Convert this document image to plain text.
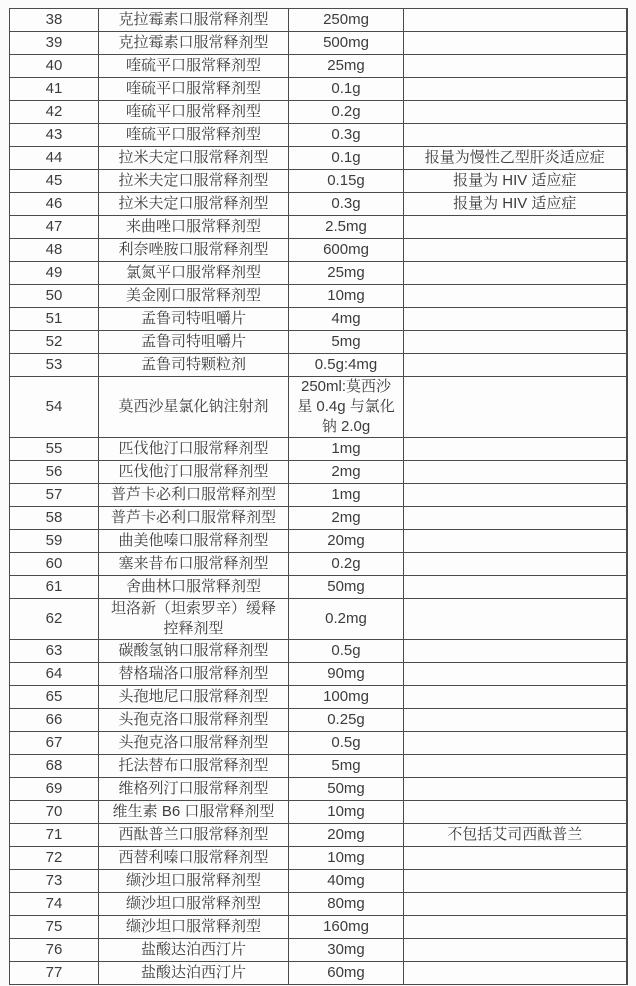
38	克拉霉素口服常释剂型	250mg	
39	克拉霉素口服常释剂型	500mg	
40	喹硫平口服常释剂型	25mg	
41	喹硫平口服常释剂型	0.1g	
42	喹硫平口服常释剂型	0.2g	
43	喹硫平口服常释剂型	0.3g	
44	拉米夫定口服常释剂型	0.1g	报量为慢性乙型肝炎适应症
45	拉米夫定口服常释剂型	0.15g	报量为 HIV 适应症
46	拉米夫定口服常释剂型	0.3g	报量为 HIV 适应症
47	来曲唑口服常释剂型	2.5mg	
48	利奈唑胺口服常释剂型	600mg	
49	氯氮平口服常释剂型	25mg	
50	美金刚口服常释剂型	10mg	
51	孟鲁司特咀嚼片	4mg	
52	孟鲁司特咀嚼片	5mg	
53	孟鲁司特颗粒剂	0.5g:4mg	
54	莫西沙星氯化钠注射剂	250ml:莫西沙星 0.4g 与氯化钠 2.0g	
55	匹伐他汀口服常释剂型	1mg	
56	匹伐他汀口服常释剂型	2mg	
57	普芦卡必利口服常释剂型	1mg	
58	普芦卡必利口服常释剂型	2mg	
59	曲美他嗪口服常释剂型	20mg	
60	塞来昔布口服常释剂型	0.2g	
61	舍曲林口服常释剂型	50mg	
62	坦洛新（坦索罗辛）缓释控释剂型	0.2mg	
63	碳酸氢钠口服常释剂型	0.5g	
64	替格瑞洛口服常释剂型	90mg	
65	头孢地尼口服常释剂型	100mg	
66	头孢克洛口服常释剂型	0.25g	
67	头孢克洛口服常释剂型	0.5g	
68	托法替布口服常释剂型	5mg	
69	维格列汀口服常释剂型	50mg	
70	维生素 B6 口服常释剂型	10mg	
71	西酞普兰口服常释剂型	20mg	不包括艾司西酞普兰
72	西替利嗪口服常释剂型	10mg	
73	缬沙坦口服常释剂型	40mg	
74	缬沙坦口服常释剂型	80mg	
75	缬沙坦口服常释剂型	160mg	
76	盐酸达泊西汀片	30mg	
77	盐酸达泊西汀片	60mg	
